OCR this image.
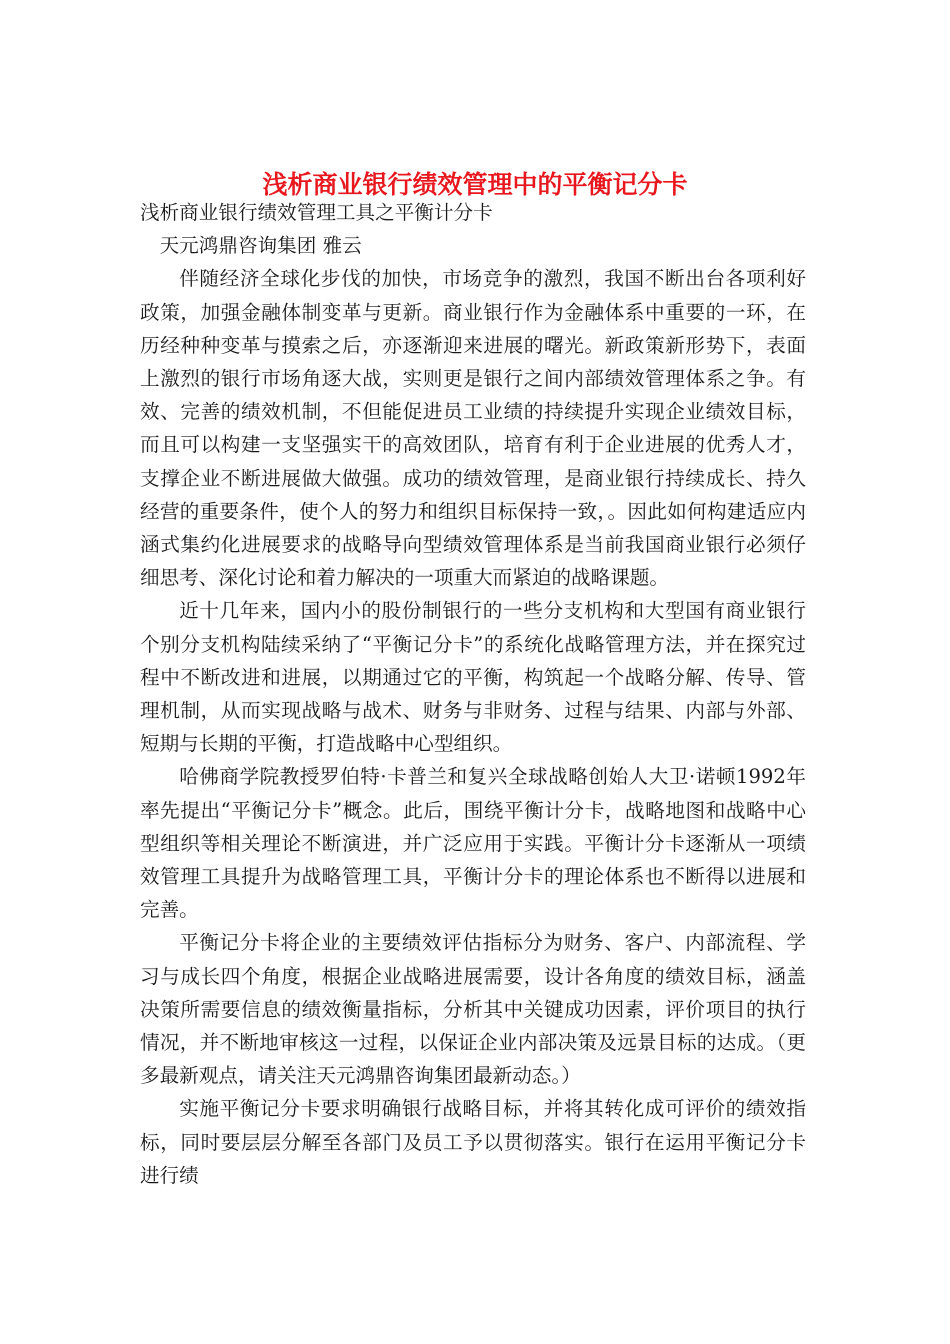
浅析商业银行绩效管理中的平衡记分卡

浅析商业银行绩效管理工具之平衡计分卡

天元鸿鼎咨询集团 雅云

伴随经济全球化步伐的加快，市场竞争的激烈，我国不断出台各项利好政策，加强金融体制变革与更新。商业银行作为金融体系中重要的一环，在历经种种变革与摸索之后，亦逐渐迎来进展的曙光。新政策新形势下，表面上激烈的银行市场角逐大战，实则更是银行之间内部绩效管理体系之争。有效、完善的绩效机制，不但能促进员工业绩的持续提升实现企业绩效目标，而且可以构建一支坚强实干的高效团队，培育有利于企业进展的优秀人才，支撑企业不断进展做大做强。成功的绩效管理，是商业银行持续成长、持久经营的重要条件，使个人的努力和组织目标保持一致，。因此如何构建适应内涵式集约化进展要求的战略导向型绩效管理体系是当前我国商业银行必须仔细思考、深化讨论和着力解决的一项重大而紧迫的战略课题。

近十几年来，国内小的股份制银行的一些分支机构和大型国有商业银行个别分支机构陆续采纳了“平衡记分卡”的系统化战略管理方法，并在探究过程中不断改进和进展，以期通过它的平衡，构筑起一个战略分解、传导、管理机制，从而实现战略与战术、财务与非财务、过程与结果、内部与外部、短期与长期的平衡，打造战略中心型组织。

哈佛商学院教授罗伯特·卡普兰和复兴全球战略创始人大卫·诺顿1992年率先提出“平衡记分卡”概念。此后，围绕平衡计分卡，战略地图和战略中心型组织等相关理论不断演进，并广泛应用于实践。平衡计分卡逐渐从一项绩效管理工具提升为战略管理工具，平衡计分卡的理论体系也不断得以进展和完善。

平衡记分卡将企业的主要绩效评估指标分为财务、客户、内部流程、学习与成长四个角度，根据企业战略进展需要，设计各角度的绩效目标，涵盖决策所需要信息的绩效衡量指标，分析其中关键成功因素，评价项目的执行情况，并不断地审核这一过程，以保证企业内部决策及远景目标的达成。（更多最新观点，请关注天元鸿鼎咨询集团最新动态。）

实施平衡记分卡要求明确银行战略目标，并将其转化成可评价的绩效指标，同时要层层分解至各部门及员工予以贯彻落实。银行在运用平衡记分卡进行绩
